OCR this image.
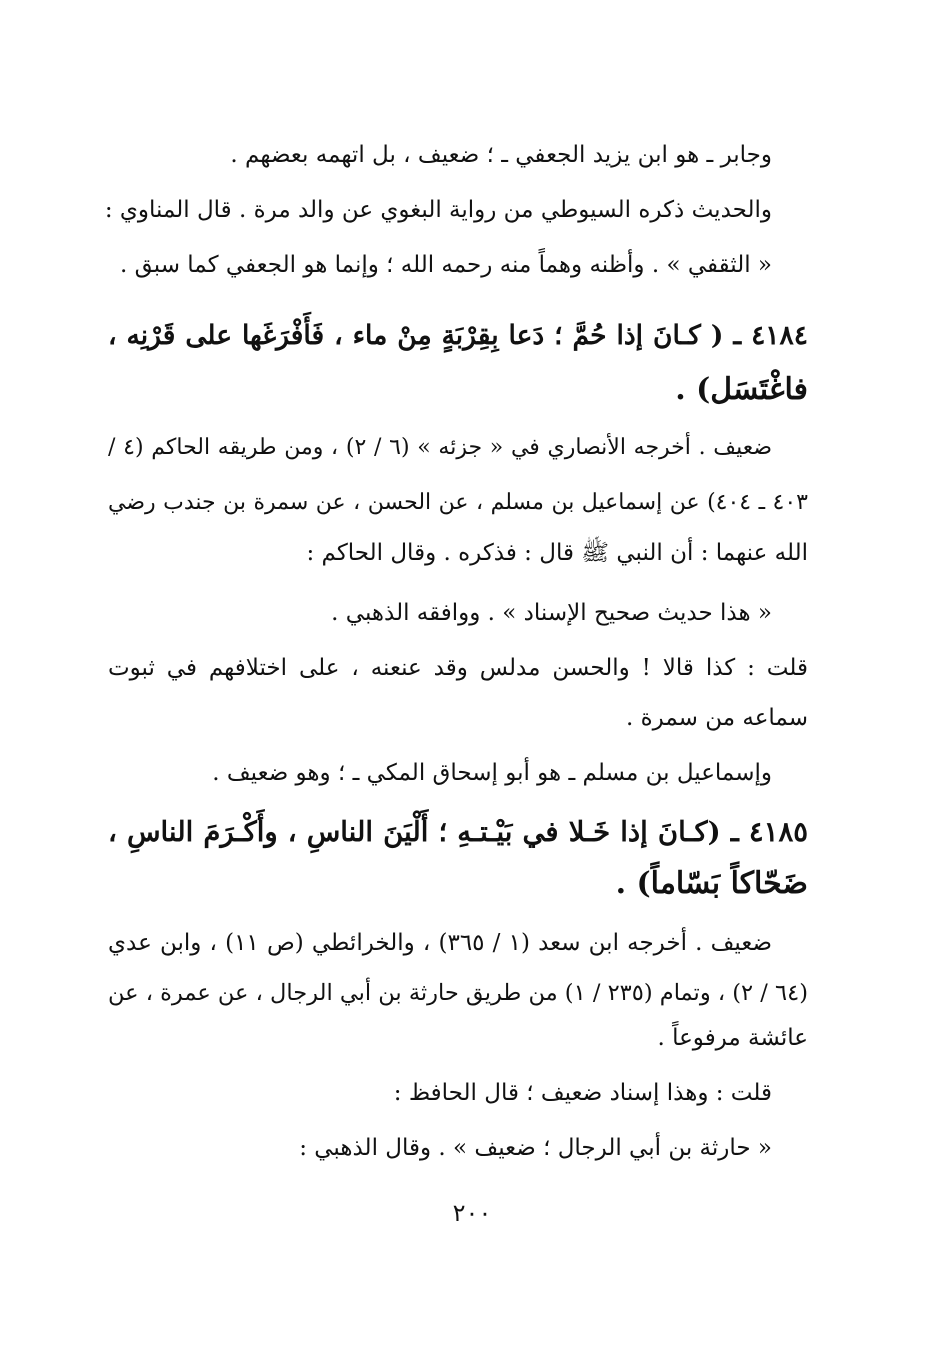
وجابر ـ هو ابن يزيد الجعفي ـ ؛ ضعيف ، بل اتهمه بعضهم .
والحديث ذكره السيوطي من رواية البغوي عن والد مرة . قال المناوي :
« الثقفي » . وأظنه وهماً منه رحمه الله ؛ وإنما هو الجعفي كما سبق .
٤١٨٤ ـ ( كـانَ إذا حُمَّ ؛ دَعا بِقِرْبَةٍ مِنْ ماء ، فَأَفْرَغَها على قَرْنِه ،
فاغْتَسَل) .
ضعيف . أخرجه الأنصاري في « جزئه » (٦ / ٢) ، ومن طريقه الحاكم (٤ /
٤٠٣ ـ ٤٠٤) عن إسماعيل بن مسلم ، عن الحسن ، عن سمرة بن جندب رضي
الله عنهما : أن النبي ﷺ قال : فذكره . وقال الحاكم :
« هذا حديث صحيح الإسناد » . ووافقه الذهبي .
قلت : كذا قالا ! والحسن مدلس وقد عنعنه ، على اختلافهم في ثبوت
سماعه من سمرة .
وإسماعيل بن مسلم ـ هو أبو إسحاق المكي ـ ؛ وهو ضعيف .
٤١٨٥ ـ (كـانَ إذا خَـلا في بَيْـتـهِ ؛ أَلْيَنَ الناسِ ، وأَكْـرَمَ الناسِ ،
ضَحّاكاً بَسّاماً) .
ضعيف . أخرجه ابن سعد (١ / ٣٦٥) ، والخرائطي (ص ١١) ، وابن عدي
(٦٤ / ٢) ، وتمام (٢٣٥ / ١) من طريق حارثة بن أبي الرجال ، عن عمرة ، عن
عائشة مرفوعاً .
قلت : وهذا إسناد ضعيف ؛ قال الحافظ :
« حارثة بن أبي الرجال ؛ ضعيف » . وقال الذهبي :
٢٠٠
